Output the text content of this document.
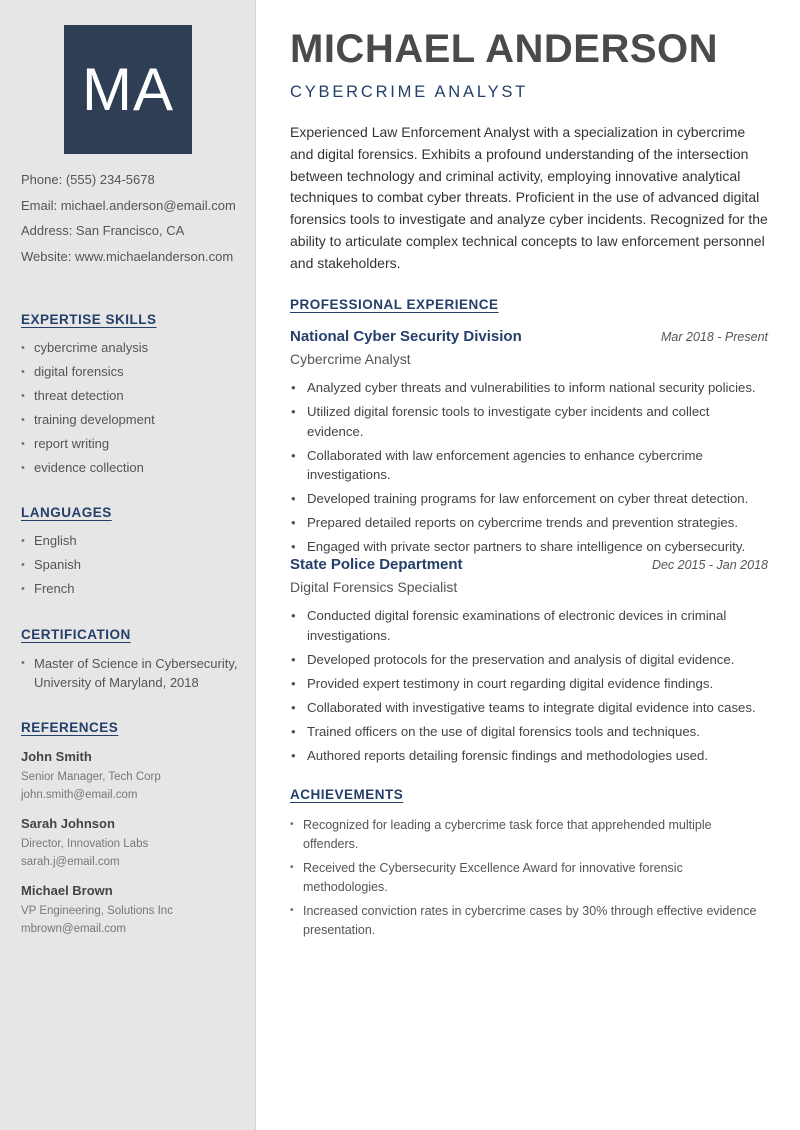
MA
Phone: (555) 234-5678
Email: michael.anderson@email.com
Address: San Francisco, CA
Website: www.michaelanderson.com
EXPERTISE SKILLS
• cybercrime analysis
• digital forensics
• threat detection
• training development
• report writing
• evidence collection
LANGUAGES
• English
• Spanish
• French
CERTIFICATION
• Master of Science in Cybersecurity, University of Maryland, 2018
REFERENCES
John Smith
Senior Manager, Tech Corp
john.smith@email.com
Sarah Johnson
Director, Innovation Labs
sarah.j@email.com
Michael Brown
VP Engineering, Solutions Inc
mbrown@email.com
MICHAEL ANDERSON
CYBERCRIME ANALYST

Experienced Law Enforcement Analyst with a specialization in cybercrime and digital forensics. Exhibits a profound understanding of the intersection between technology and criminal activity, employing innovative analytical techniques to combat cyber threats. Proficient in the use of advanced digital forensics tools to investigate and analyze cyber incidents. Recognized for the ability to articulate complex technical concepts to law enforcement personnel and stakeholders.

PROFESSIONAL EXPERIENCE
National Cyber Security Division	Mar 2018 - Present
Cybercrime Analyst
• Analyzed cyber threats and vulnerabilities to inform national security policies.
• Utilized digital forensic tools to investigate cyber incidents and collect evidence.
• Collaborated with law enforcement agencies to enhance cybercrime investigations.
• Developed training programs for law enforcement on cyber threat detection.
• Prepared detailed reports on cybercrime trends and prevention strategies.
• Engaged with private sector partners to share intelligence on cybersecurity.
State Police Department	Dec 2015 - Jan 2018
Digital Forensics Specialist
• Conducted digital forensic examinations of electronic devices in criminal investigations.
• Developed protocols for the preservation and analysis of digital evidence.
• Provided expert testimony in court regarding digital evidence findings.
• Collaborated with investigative teams to integrate digital evidence into cases.
• Trained officers on the use of digital forensics tools and techniques.
• Authored reports detailing forensic findings and methodologies used.
ACHIEVEMENTS
• Recognized for leading a cybercrime task force that apprehended multiple offenders.
• Received the Cybersecurity Excellence Award for innovative forensic methodologies.
• Increased conviction rates in cybercrime cases by 30% through effective evidence presentation.
